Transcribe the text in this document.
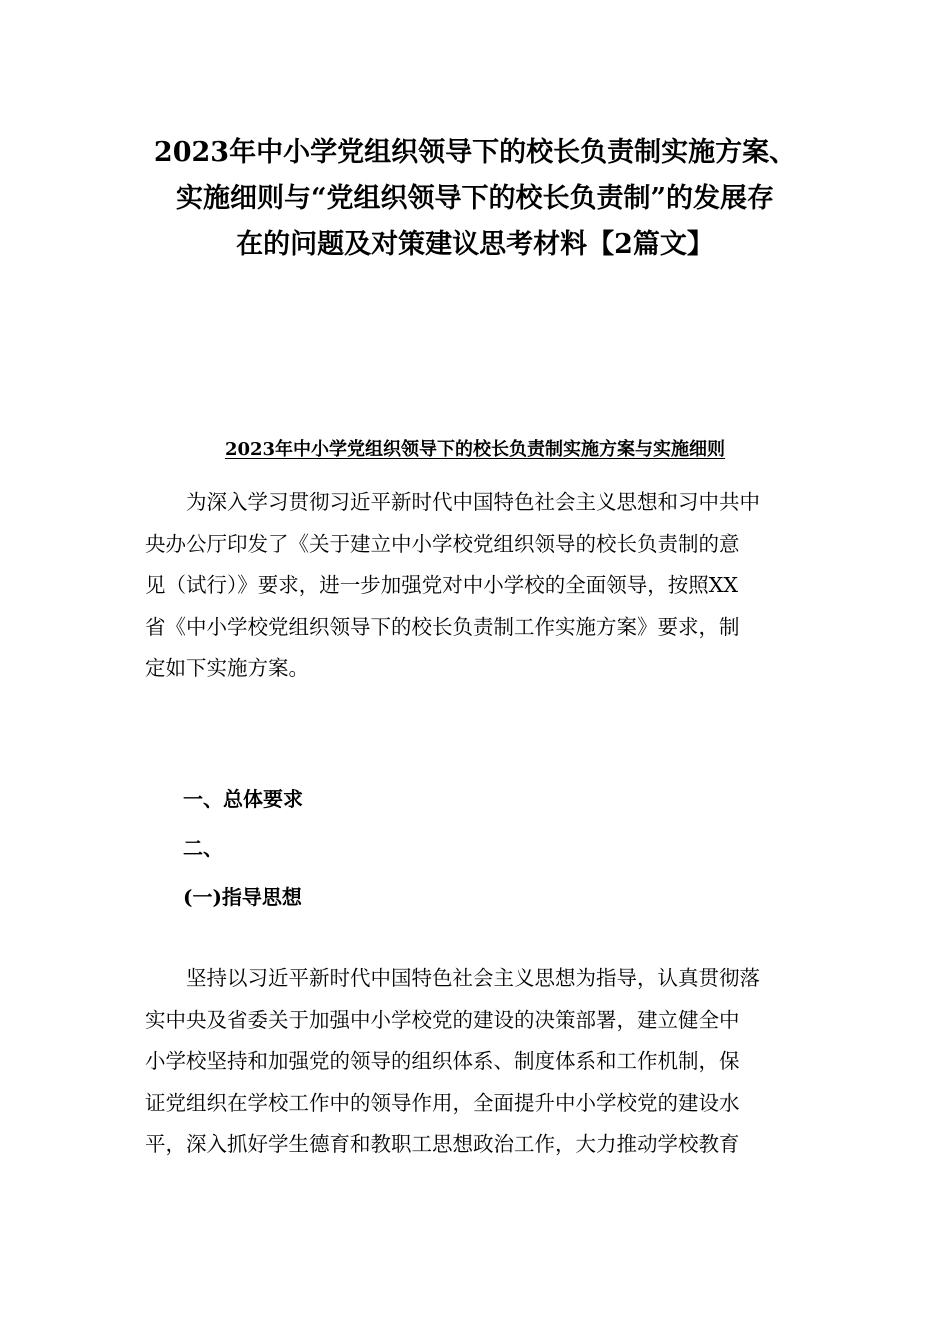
2023年中小学党组织领导下的校长负责制实施方案、
实施细则与“党组织领导下的校长负责制”的发展存
在的问题及对策建议思考材料【2篇文】
2023年中小学党组织领导下的校长负责制实施方案与实施细则

为深入学习贯彻习近平新时代中国特色社会主义思想和习中共中
央办公厅印发了《关于建立中小学校党组织领导的校长负责制的意
见（试行）》要求，进一步加强党对中小学校的全面领导，按照XX
省《中小学校党组织领导下的校长负责制工作实施方案》要求，制
定如下实施方案。

一、总体要求
二、
(一)指导思想

坚持以习近平新时代中国特色社会主义思想为指导，认真贯彻落
实中央及省委关于加强中小学校党的建设的决策部署，建立健全中
小学校坚持和加强党的领导的组织体系、制度体系和工作机制，保
证党组织在学校工作中的领导作用，全面提升中小学校党的建设水
平，深入抓好学生德育和教职工思想政治工作，大力推动学校教育
